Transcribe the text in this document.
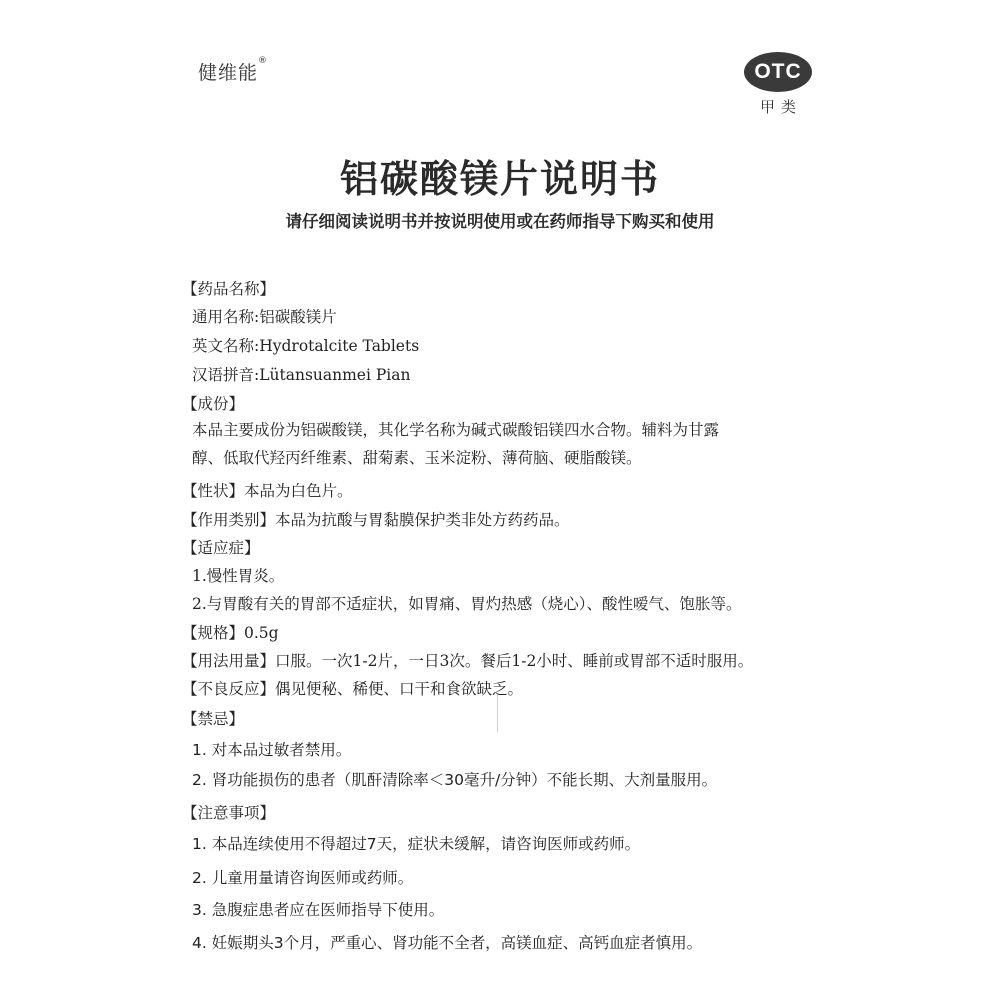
健维能®	OTC
甲类
铝碳酸镁片说明书
请仔细阅读说明书并按说明使用或在药师指导下购买和使用
【药品名称】
通用名称:铝碳酸镁片
英文名称:Hydrotalcite Tablets
汉语拼音:Lütansuanmei Pian
【成份】
本品主要成份为铝碳酸镁，其化学名称为碱式碳酸铝镁四水合物。辅料为甘露
醇、低取代羟丙纤维素、甜菊素、玉米淀粉、薄荷脑、硬脂酸镁。
【性状】本品为白色片。
【作用类别】本品为抗酸与胃黏膜保护类非处方药药品。
【适应症】
1.慢性胃炎。
2.与胃酸有关的胃部不适症状，如胃痛、胃灼热感（烧心）、酸性嗳气、饱胀等。
【规格】0.5g
【用法用量】口服。一次1-2片，一日3次。餐后1-2小时、睡前或胃部不适时服用。
【不良反应】偶见便秘、稀便、口干和食欲缺乏。
【禁忌】
1. 对本品过敏者禁用。
2. 肾功能损伤的患者（肌酐清除率＜30毫升/分钟）不能长期、大剂量服用。
【注意事项】
1. 本品连续使用不得超过7天，症状未缓解，请咨询医师或药师。
2. 儿童用量请咨询医师或药师。
3. 急腹症患者应在医师指导下使用。
4. 妊娠期头3个月，严重心、肾功能不全者，高镁血症、高钙血症者慎用。
